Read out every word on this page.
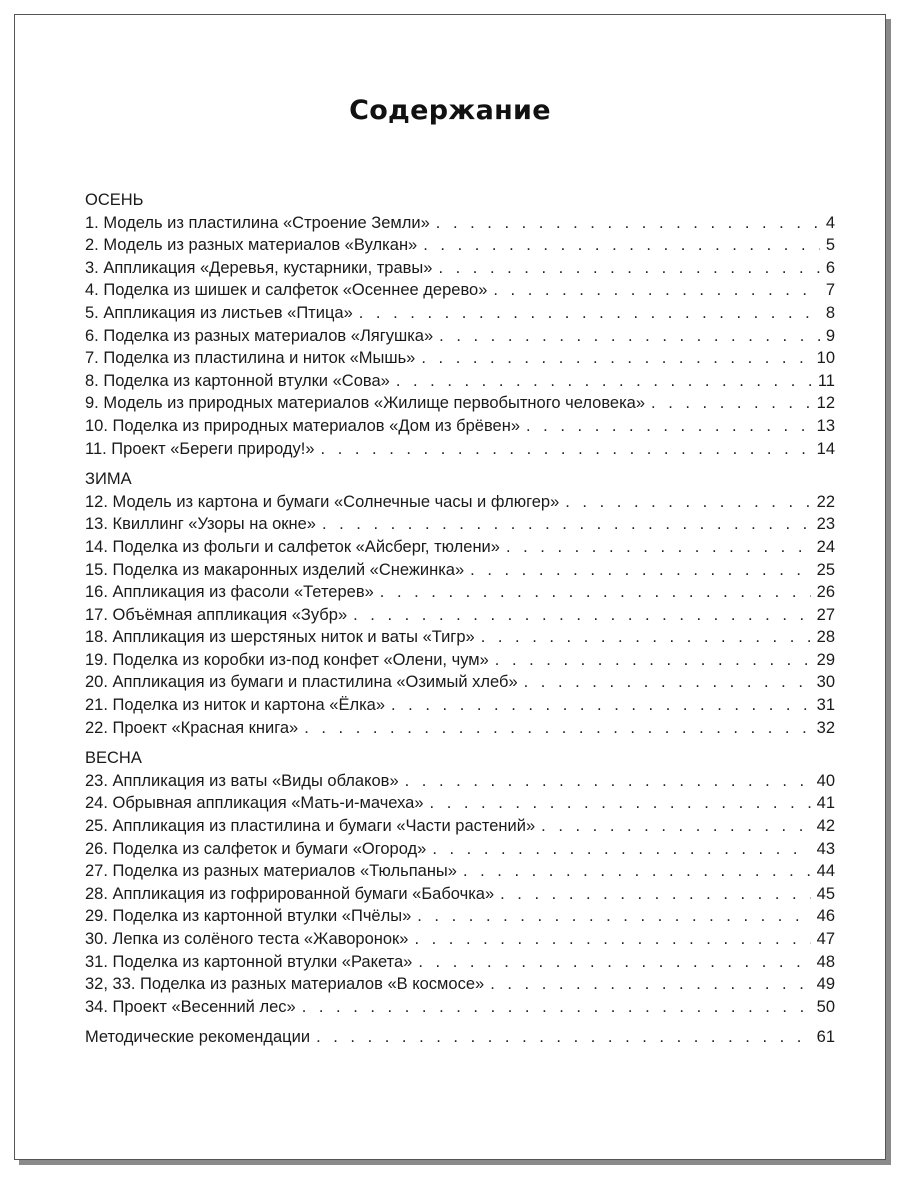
Содержание
ОСЕНЬ
1. Модель из пластилина «Строение Земли» . . .	4
2. Модель из разных материалов «Вулкан» . . .	5
3. Аппликация «Деревья, кустарники, травы» . . .	6
4. Поделка из шишек и салфеток «Осеннее дерево» . . .	7
5. Аппликация из листьев «Птица» . . .	8
6. Поделка из разных материалов «Лягушка» . . .	9
7. Поделка из пластилина и ниток «Мышь» . . .	10
8. Поделка из картонной втулки «Сова» . . .	11
9. Модель из природных материалов «Жилище первобытного человека» . . .	12
10. Поделка из природных материалов «Дом из брёвен» . . .	13
11. Проект «Береги природу!» . . .	14
ЗИМА
12. Модель из картона и бумаги «Солнечные часы и флюгер» . . .	22
13. Квиллинг «Узоры на окне» . . .	23
14. Поделка из фольги и салфеток «Айсберг, тюлени» . . .	24
15. Поделка из макаронных изделий «Снежинка» . . .	25
16. Аппликация из фасоли «Тетерев» . . .	26
17. Объёмная аппликация «Зубр» . . .	27
18. Аппликация из шерстяных ниток и ваты «Тигр» . . .	28
19. Поделка из коробки из-под конфет «Олени, чум» . . .	29
20. Аппликация из бумаги и пластилина «Озимый хлеб» . . .	30
21. Поделка из ниток и картона «Ёлка» . . .	31
22. Проект «Красная книга» . . .	32
ВЕСНА
23. Аппликация из ваты «Виды облаков» . . .	40
24. Обрывная аппликация «Мать-и-мачеха» . . .	41
25. Аппликация из пластилина и бумаги «Части растений» . . .	42
26. Поделка из салфеток и бумаги «Огород» . . .	43
27. Поделка из разных материалов «Тюльпаны» . . .	44
28. Аппликация из гофрированной бумаги «Бабочка» . . .	45
29. Поделка из картонной втулки «Пчёлы» . . .	46
30. Лепка из солёного теста «Жаворонок» . . .	47
31. Поделка из картонной втулки «Ракета» . . .	48
32, 33. Поделка из разных материалов «В космосе» . . .	49
34. Проект «Весенний лес» . . .	50
Методические рекомендации . . .	61
